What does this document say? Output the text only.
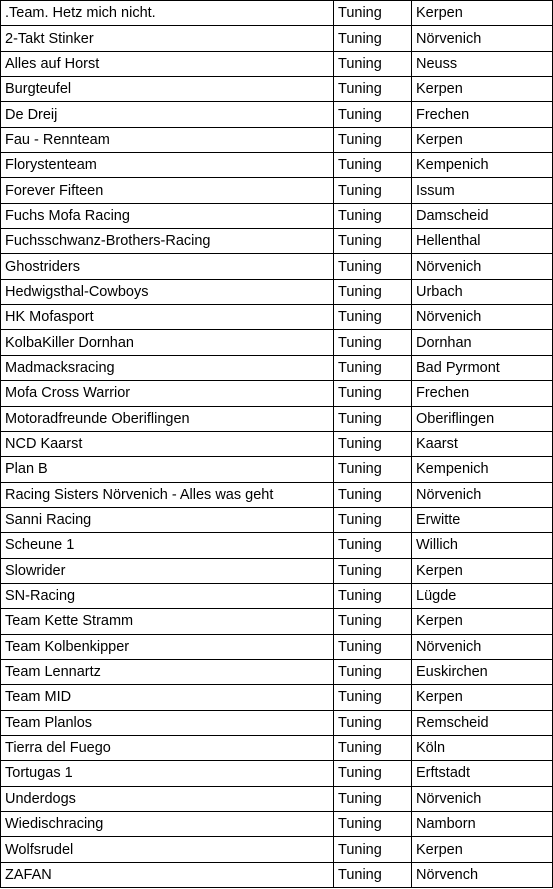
.Team. Hetz mich nicht.	Tuning	Kerpen
2-Takt Stinker	Tuning	Nörvenich
Alles auf Horst	Tuning	Neuss
Burgteufel	Tuning	Kerpen
De Dreij	Tuning	Frechen
Fau - Rennteam	Tuning	Kerpen
Florystenteam	Tuning	Kempenich
Forever Fifteen	Tuning	Issum
Fuchs Mofa Racing	Tuning	Damscheid
Fuchsschwanz-Brothers-Racing	Tuning	Hellenthal
Ghostriders	Tuning	Nörvenich
Hedwigsthal-Cowboys	Tuning	Urbach
HK Mofasport	Tuning	Nörvenich
KolbaKiller Dornhan	Tuning	Dornhan
Madmacksracing	Tuning	Bad Pyrmont
Mofa Cross Warrior	Tuning	Frechen
Motoradfreunde Oberiflingen	Tuning	Oberiflingen
NCD Kaarst	Tuning	Kaarst
Plan B	Tuning	Kempenich
Racing Sisters Nörvenich - Alles was geht	Tuning	Nörvenich
Sanni Racing	Tuning	Erwitte
Scheune 1	Tuning	Willich
Slowrider	Tuning	Kerpen
SN-Racing	Tuning	Lügde
Team Kette Stramm	Tuning	Kerpen
Team Kolbenkipper	Tuning	Nörvenich
Team Lennartz	Tuning	Euskirchen
Team MID	Tuning	Kerpen
Team Planlos	Tuning	Remscheid
Tierra del Fuego	Tuning	Köln
Tortugas 1	Tuning	Erftstadt
Underdogs	Tuning	Nörvenich
Wiedischracing	Tuning	Namborn
Wolfsrudel	Tuning	Kerpen
ZAFAN	Tuning	Nörvench
